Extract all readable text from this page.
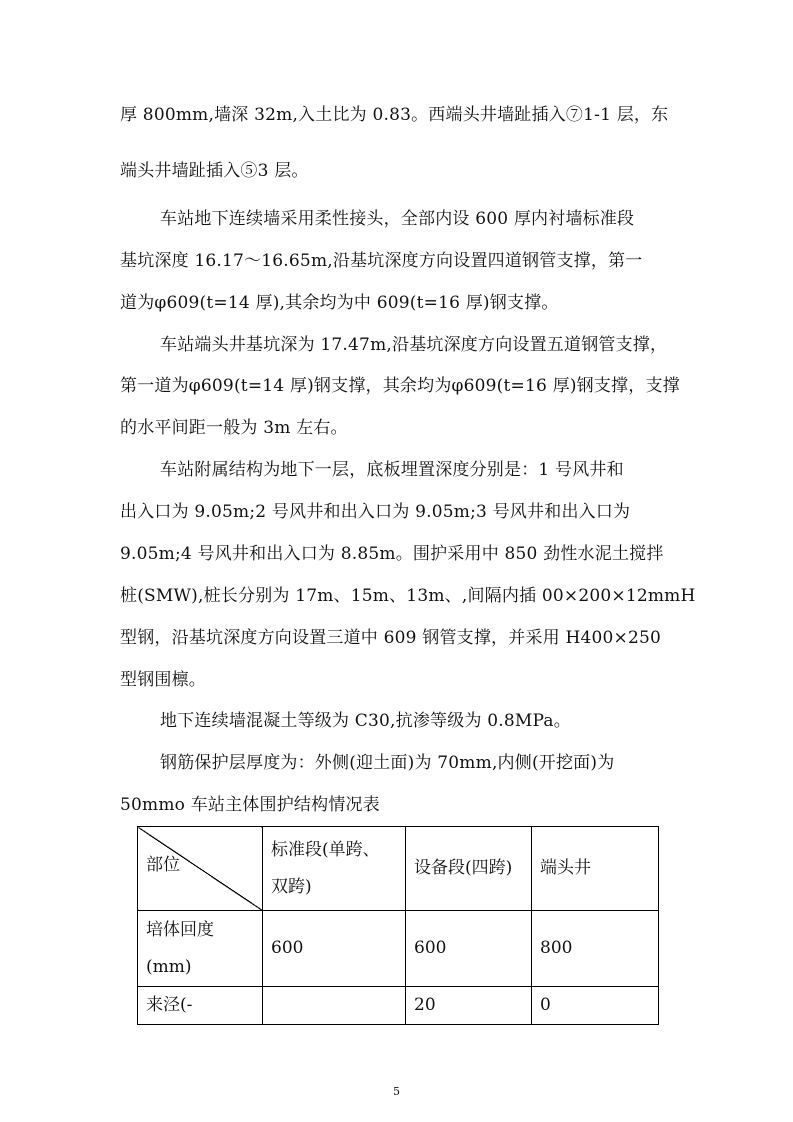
厚 800mm,墙深 32m,入土比为 0.83。西端头井墙趾插入⑦1-1 层，东
端头井墙趾插入⑤3 层。
车站地下连续墙采用柔性接头，全部内设 600 厚内衬墙标准段
基坑深度 16.17～16.65m,沿基坑深度方向设置四道钢管支撑，第一
道为φ609(t=14 厚),其余均为中 609(t=16 厚)钢支撑。
车站端头井基坑深为 17.47m,沿基坑深度方向设置五道钢管支撑，
第一道为φ609(t=14 厚)钢支撑，其余均为φ609(t=16 厚)钢支撑，支撑
的水平间距一般为 3m 左右。
车站附属结构为地下一层，底板埋置深度分别是：1 号风井和
出入口为 9.05m;2 号风井和出入口为 9.05m;3 号风井和出入口为
9.05m;4 号风井和出入口为 8.85m。围护采用中 850 劲性水泥土搅拌
桩(SMW),桩长分别为 17m、15m、13m、,间隔内插 00×200×12mmH
型钢，沿基坑深度方向设置三道中 609 钢管支撑，并采用 H400×250
型钢围檩。
地下连续墙混凝土等级为 C30,抗渗等级为 0.8MPa。
钢筋保护层厚度为：外侧(迎土面)为 70mm,内侧(开挖面)为
50mmo 车站主体围护结构情况表
部位	标准段(单跨、
双跨)	设备段(四跨)	端头井

培体回度
(mm)	600	600	800
来泾(-		20	0
5
